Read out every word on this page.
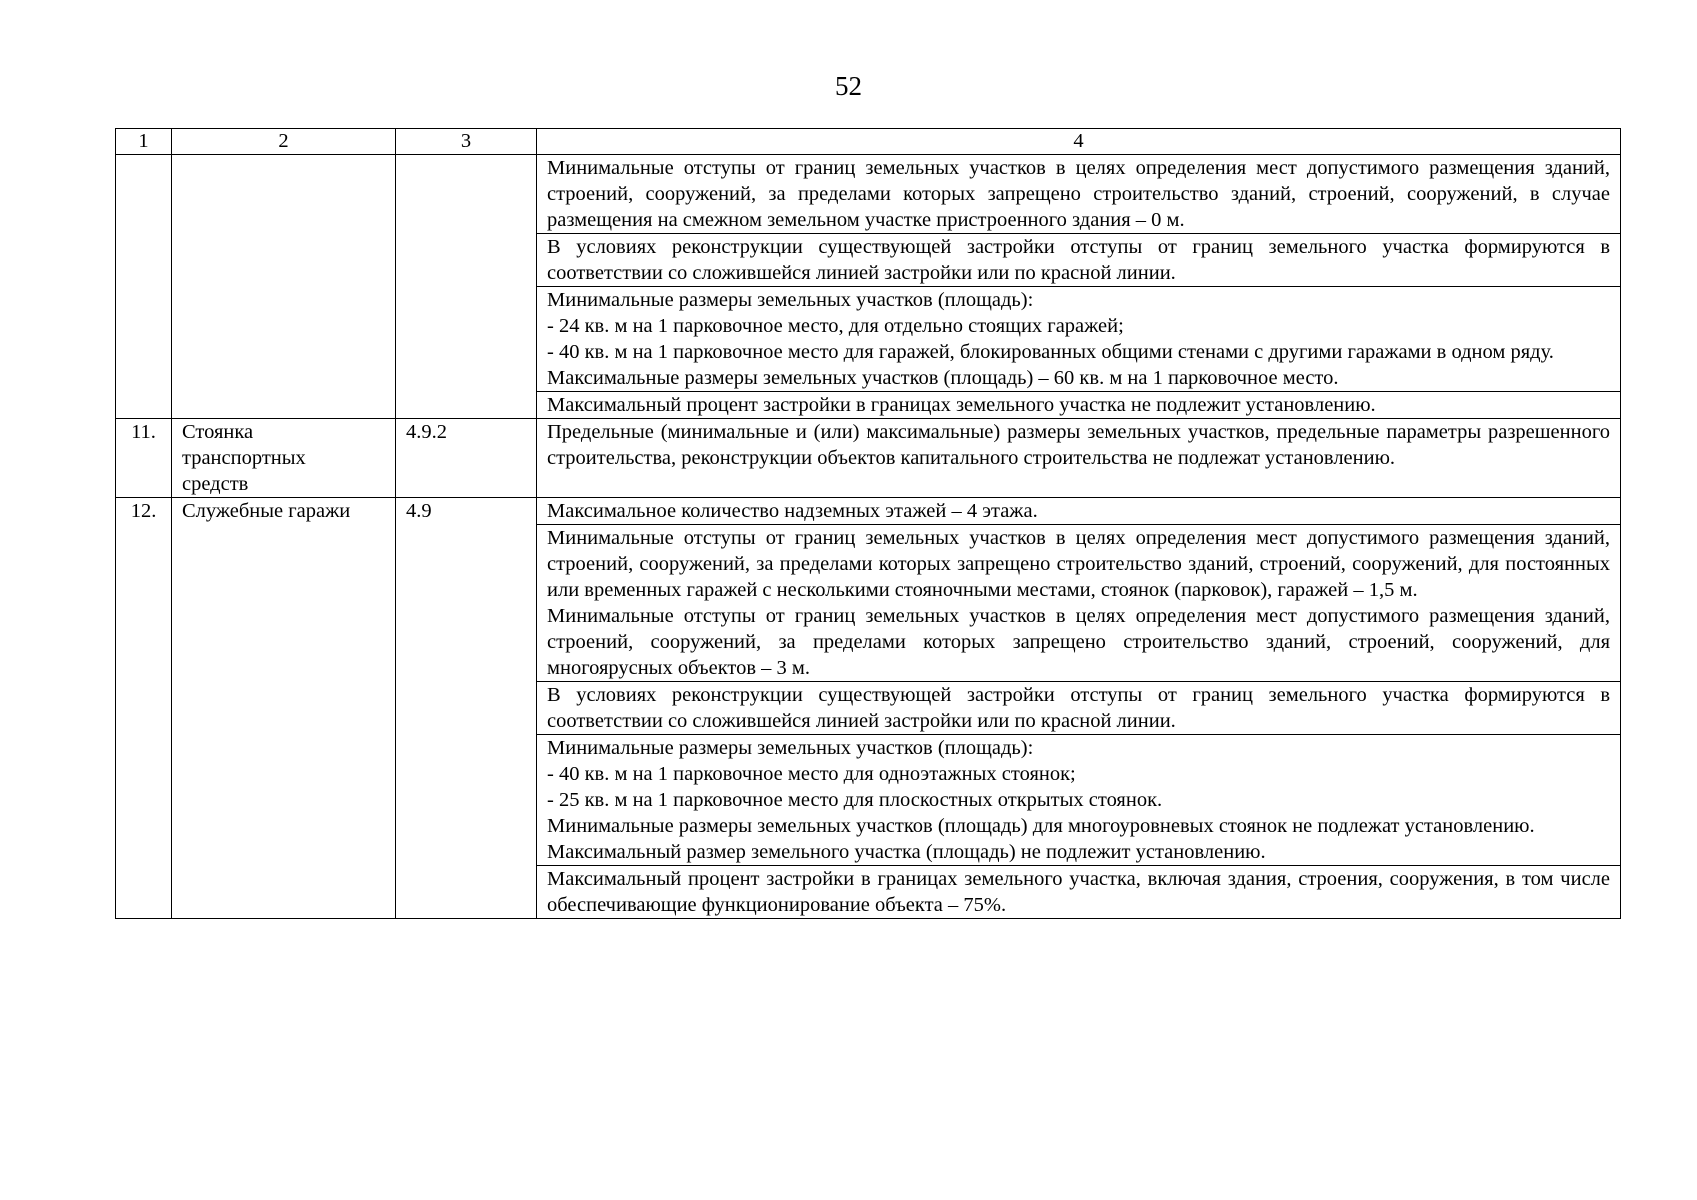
52
1	2	3	4
			Минимальные отступы от границ земельных участков в целях определения мест допустимого размещения зданий, строений, сооружений, за пределами которых запрещено строительство зданий, строений, сооружений, в случае размещения на смежном земельном участке пристроенного здания – 0 м.
			В условиях реконструкции существующей застройки отступы от границ земельного участка формируются в соответствии со сложившейся линией застройки или по красной линии.

			Минимальные размеры земельных участков (площадь):
- 24 кв. м на 1 парковочное место, для отдельно стоящих гаражей;
- 40 кв. м на 1 парковочное место для гаражей, блокированных общими стенами с другими гаражами в одном ряду.
Максимальные размеры земельных участков (площадь) – 60 кв. м на 1 парковочное место.

			Максимальный процент застройки в границах земельного участка не подлежит установлению.
11.	Стоянка транспортных средств	4.9.2	Предельные (минимальные и (или) максимальные) размеры земельных участков, предельные параметры разрешенного строительства, реконструкции объектов капитального строительства не подлежат установлению.
12.	Служебные гаражи	4.9	Максимальное количество надземных этажей – 4 этажа.

			Минимальные отступы от границ земельных участков в целях определения мест допустимого размещения зданий, строений, сооружений, за пределами которых запрещено строительство зданий, строений, сооружений, для постоянных или временных гаражей с несколькими стояночными местами, стоянок (парковок), гаражей – 1,5 м.
Минимальные отступы от границ земельных участков в целях определения мест допустимого размещения зданий, строений, сооружений, за пределами которых запрещено строительство зданий, строений, сооружений, для многоярусных объектов – 3 м.

			В условиях реконструкции существующей застройки отступы от границ земельного участка формируются в соответствии со сложившейся линией застройки или по красной линии.

			Минимальные размеры земельных участков (площадь):
- 40 кв. м на 1 парковочное место для одноэтажных стоянок;
- 25 кв. м на 1 парковочное место для плоскостных открытых стоянок.
Минимальные размеры земельных участков (площадь) для многоуровневых стоянок не подлежат установлению.
Максимальный размер земельного участка (площадь) не подлежит установлению.

			Максимальный процент застройки в границах земельного участка, включая здания, строения, сооружения, в том числе обеспечивающие функционирование объекта – 75%.
